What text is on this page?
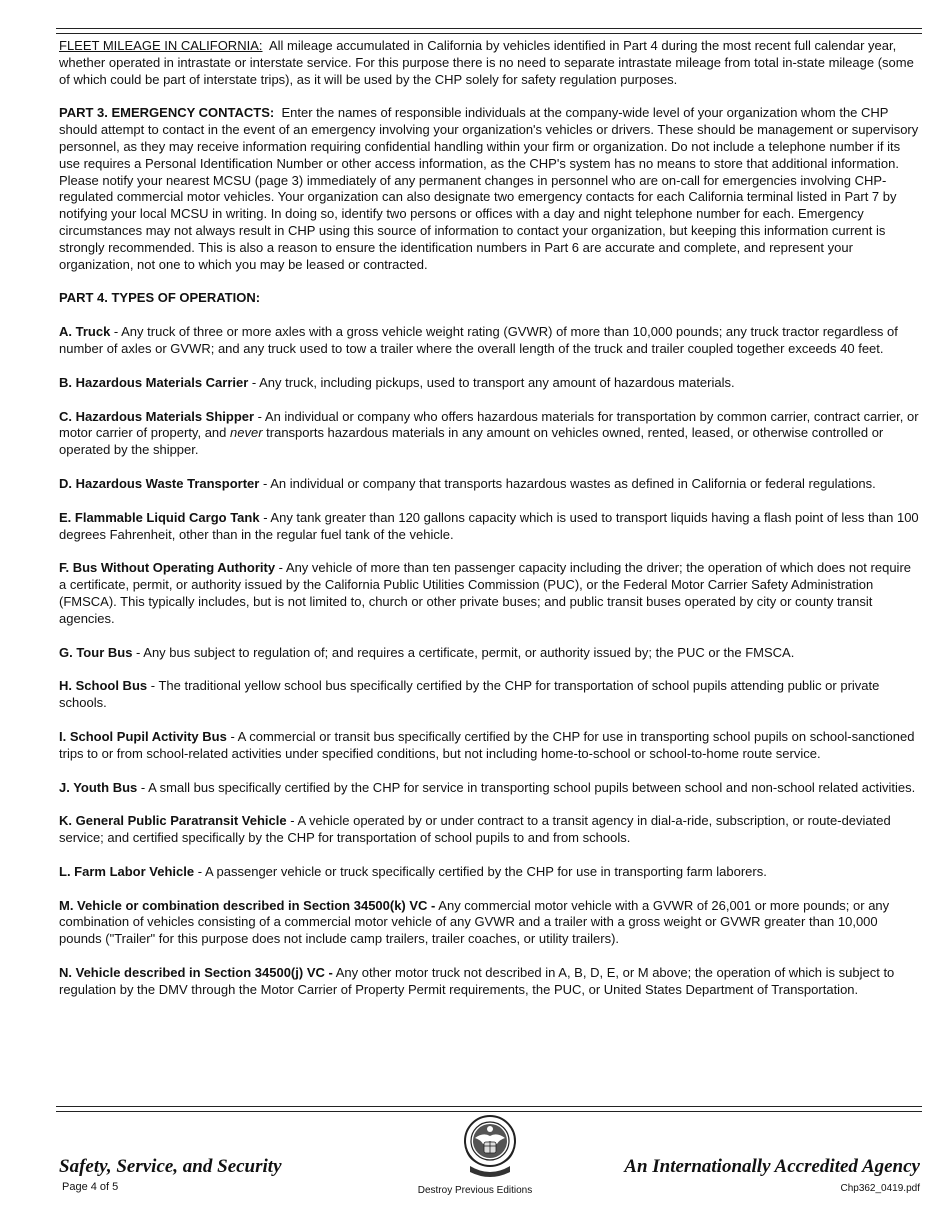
FLEET MILEAGE IN CALIFORNIA: All mileage accumulated in California by vehicles identified in Part 4 during the most recent full calendar year, whether operated in intrastate or interstate service. For this purpose there is no need to separate intrastate mileage from total in-state mileage (some of which could be part of interstate trips), as it will be used by the CHP solely for safety regulation purposes.

PART 3. EMERGENCY CONTACTS: Enter the names of responsible individuals at the company-wide level of your organization whom the CHP should attempt to contact in the event of an emergency involving your organization's vehicles or drivers. These should be management or supervisory personnel, as they may receive information requiring confidential handling within your firm or organization. Do not include a telephone number if its use requires a Personal Identification Number or other access information, as the CHP's system has no means to store that additional information. Please notify your nearest MCSU (page 3) immediately of any permanent changes in personnel who are on-call for emergencies involving CHP-regulated commercial motor vehicles. Your organization can also designate two emergency contacts for each California terminal listed in Part 7 by notifying your local MCSU in writing. In doing so, identify two persons or offices with a day and night telephone number for each. Emergency circumstances may not always result in CHP using this source of information to contact your organization, but keeping this information current is strongly recommended. This is also a reason to ensure the identification numbers in Part 6 are accurate and complete, and represent your organization, not one to which you may be leased or contracted.

PART 4. TYPES OF OPERATION:

A. Truck - Any truck of three or more axles with a gross vehicle weight rating (GVWR) of more than 10,000 pounds; any truck tractor regardless of number of axles or GVWR; and any truck used to tow a trailer where the overall length of the truck and trailer coupled together exceeds 40 feet.

B. Hazardous Materials Carrier - Any truck, including pickups, used to transport any amount of hazardous materials.

C. Hazardous Materials Shipper - An individual or company who offers hazardous materials for transportation by common carrier, contract carrier, or motor carrier of property, and never transports hazardous materials in any amount on vehicles owned, rented, leased, or otherwise controlled or operated by the shipper.

D. Hazardous Waste Transporter - An individual or company that transports hazardous wastes as defined in California or federal regulations.

E. Flammable Liquid Cargo Tank - Any tank greater than 120 gallons capacity which is used to transport liquids having a flash point of less than 100 degrees Fahrenheit, other than in the regular fuel tank of the vehicle.

F. Bus Without Operating Authority - Any vehicle of more than ten passenger capacity including the driver; the operation of which does not require a certificate, permit, or authority issued by the California Public Utilities Commission (PUC), or the Federal Motor Carrier Safety Administration (FMSCA). This typically includes, but is not limited to, church or other private buses; and public transit buses operated by city or county transit agencies.

G. Tour Bus - Any bus subject to regulation of; and requires a certificate, permit, or authority issued by; the PUC or the FMSCA.

H. School Bus - The traditional yellow school bus specifically certified by the CHP for transportation of school pupils attending public or private schools.

I. School Pupil Activity Bus - A commercial or transit bus specifically certified by the CHP for use in transporting school pupils on school-sanctioned trips to or from school-related activities under specified conditions, but not including home-to-school or school-to-home route service.

J. Youth Bus - A small bus specifically certified by the CHP for service in transporting school pupils between school and non-school related activities.

K. General Public Paratransit Vehicle - A vehicle operated by or under contract to a transit agency in dial-a-ride, subscription, or route-deviated service; and certified specifically by the CHP for transportation of school pupils to and from schools.

L. Farm Labor Vehicle - A passenger vehicle or truck specifically certified by the CHP for use in transporting farm laborers.

M. Vehicle or combination described in Section 34500(k) VC - Any commercial motor vehicle with a GVWR of 26,001 or more pounds; or any combination of vehicles consisting of a commercial motor vehicle of any GVWR and a trailer with a gross weight or GVWR greater than 10,000 pounds ("Trailer" for this purpose does not include camp trailers, trailer coaches, or utility trailers).

N. Vehicle described in Section 34500(j) VC - Any other motor truck not described in A, B, D, E, or M above; the operation of which is subject to regulation by the DMV through the Motor Carrier of Property Permit requirements, the PUC, or United States Department of Transportation.

Safety, Service, and Security	An Internationally Accredited Agency
Page 4 of 5	Destroy Previous Editions	Chp362_0419.pdf
